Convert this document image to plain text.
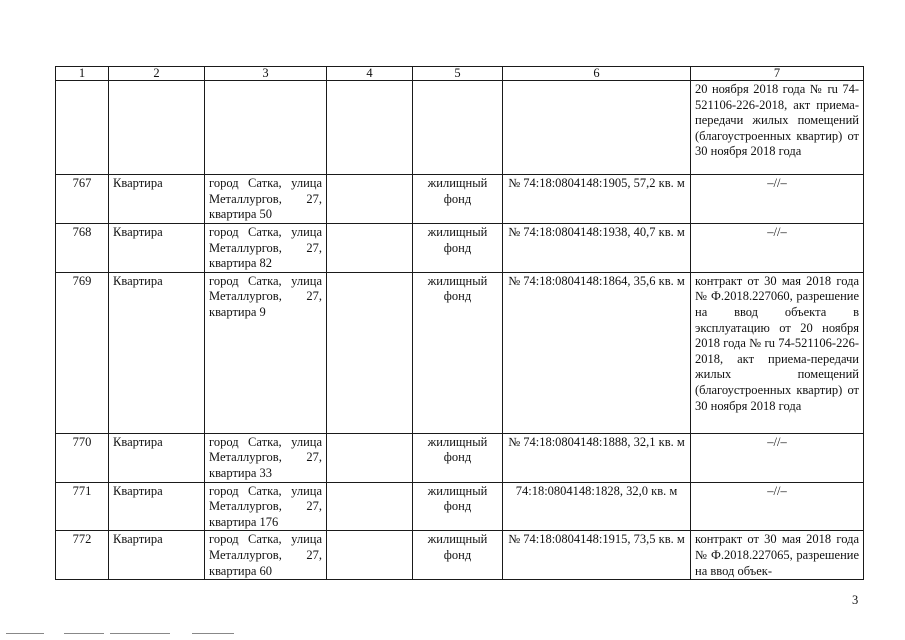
1	2	3	4	5	6	7
						20 ноября 2018 года № ru 74-521106-226-2018, акт приема-передачи жилых помещений (благоустроенных квартир) от 30 ноября 2018 года
767	Квартира	город Сатка, улица Металлургов, 27, квартира 50		жилищный фонд	№ 74:18:0804148:1905, 57,2 кв. м	–//–
768	Квартира	город Сатка, улица Металлургов, 27, квартира 82		жилищный фонд	№ 74:18:0804148:1938, 40,7 кв. м	–//–
769	Квартира	город Сатка, улица Металлургов, 27, квартира 9		жилищный фонд	№ 74:18:0804148:1864, 35,6 кв. м	контракт от 30 мая 2018 года № Ф.2018.227060, разрешение на ввод объекта в эксплуатацию от 20 ноября 2018 года № ru 74-521106-226-2018, акт приема-передачи жилых помещений (благоустроенных квартир) от 30 ноября 2018 года
770	Квартира	город Сатка, улица Металлургов, 27, квартира 33		жилищный фонд	№ 74:18:0804148:1888, 32,1 кв. м	–//–
771	Квартира	город Сатка, улица Металлургов, 27, квартира 176		жилищный фонд	74:18:0804148:1828, 32,0 кв. м	–//–
772	Квартира	город Сатка, улица Металлургов, 27, квартира 60		жилищный фонд	№ 74:18:0804148:1915, 73,5 кв. м	контракт от 30 мая 2018 года № Ф.2018.227065, разрешение на ввод объек-
3
